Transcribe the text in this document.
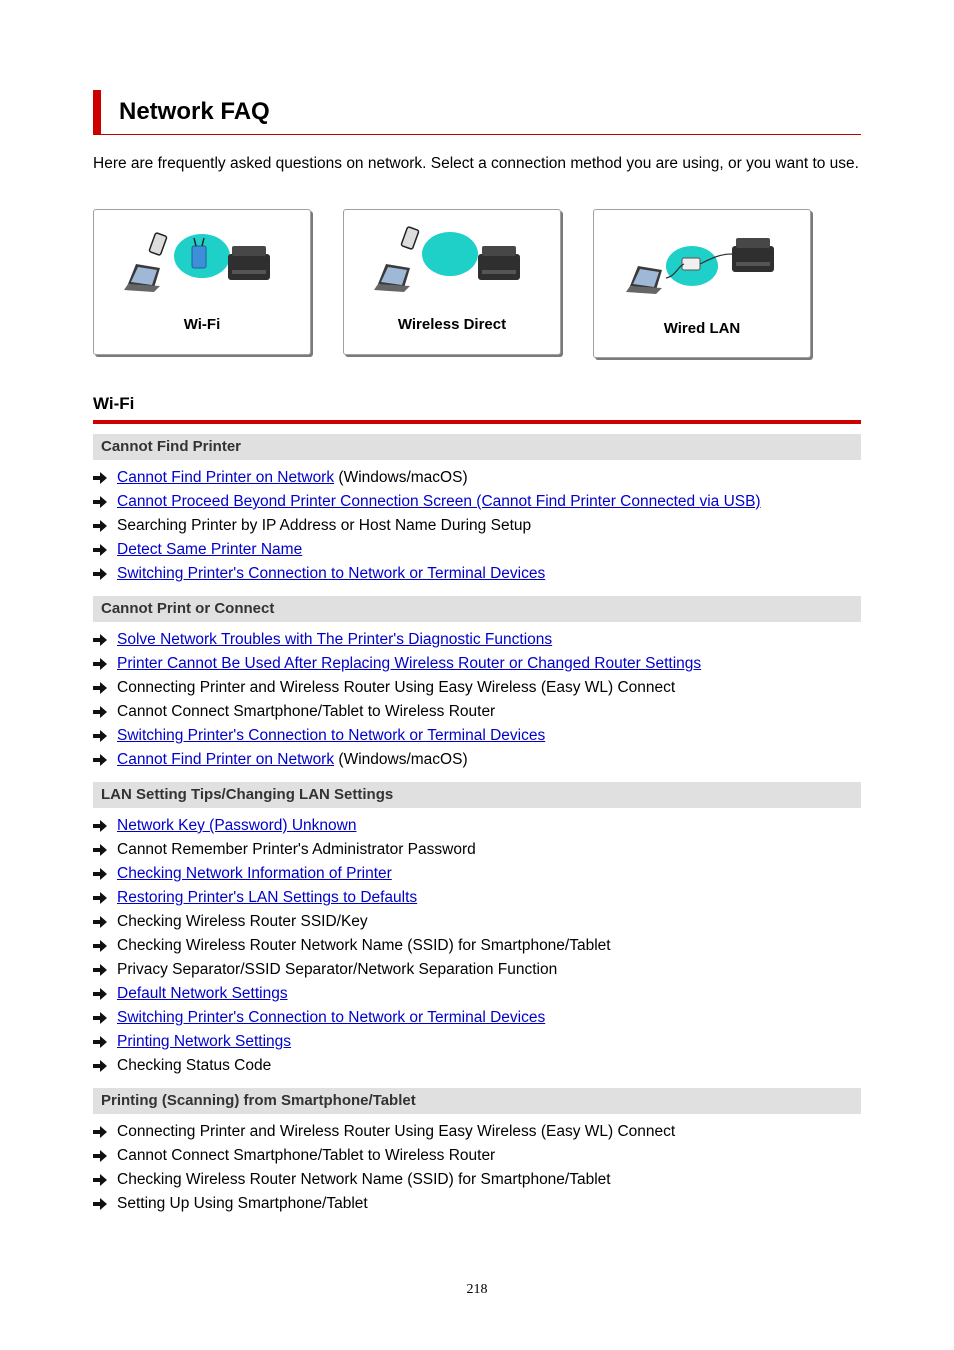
Network FAQ
Here are frequently asked questions on network. Select a connection method you are using, or you want to use.
Wi-Fi	Wireless Direct	Wired LAN
Wi-Fi
Cannot Find Printer
Cannot Find Printer on Network (Windows/macOS)
Cannot Proceed Beyond Printer Connection Screen (Cannot Find Printer Connected via USB)
Searching Printer by IP Address or Host Name During Setup
Detect Same Printer Name
Switching Printer's Connection to Network or Terminal Devices
Cannot Print or Connect
Solve Network Troubles with The Printer's Diagnostic Functions
Printer Cannot Be Used After Replacing Wireless Router or Changed Router Settings
Connecting Printer and Wireless Router Using Easy Wireless (Easy WL) Connect
Cannot Connect Smartphone/Tablet to Wireless Router
Switching Printer's Connection to Network or Terminal Devices
Cannot Find Printer on Network (Windows/macOS)
LAN Setting Tips/Changing LAN Settings
Network Key (Password) Unknown
Cannot Remember Printer's Administrator Password
Checking Network Information of Printer
Restoring Printer's LAN Settings to Defaults
Checking Wireless Router SSID/Key
Checking Wireless Router Network Name (SSID) for Smartphone/Tablet
Privacy Separator/SSID Separator/Network Separation Function
Default Network Settings
Switching Printer's Connection to Network or Terminal Devices
Printing Network Settings
Checking Status Code
Printing (Scanning) from Smartphone/Tablet
Connecting Printer and Wireless Router Using Easy Wireless (Easy WL) Connect
Cannot Connect Smartphone/Tablet to Wireless Router
Checking Wireless Router Network Name (SSID) for Smartphone/Tablet
Setting Up Using Smartphone/Tablet
218
